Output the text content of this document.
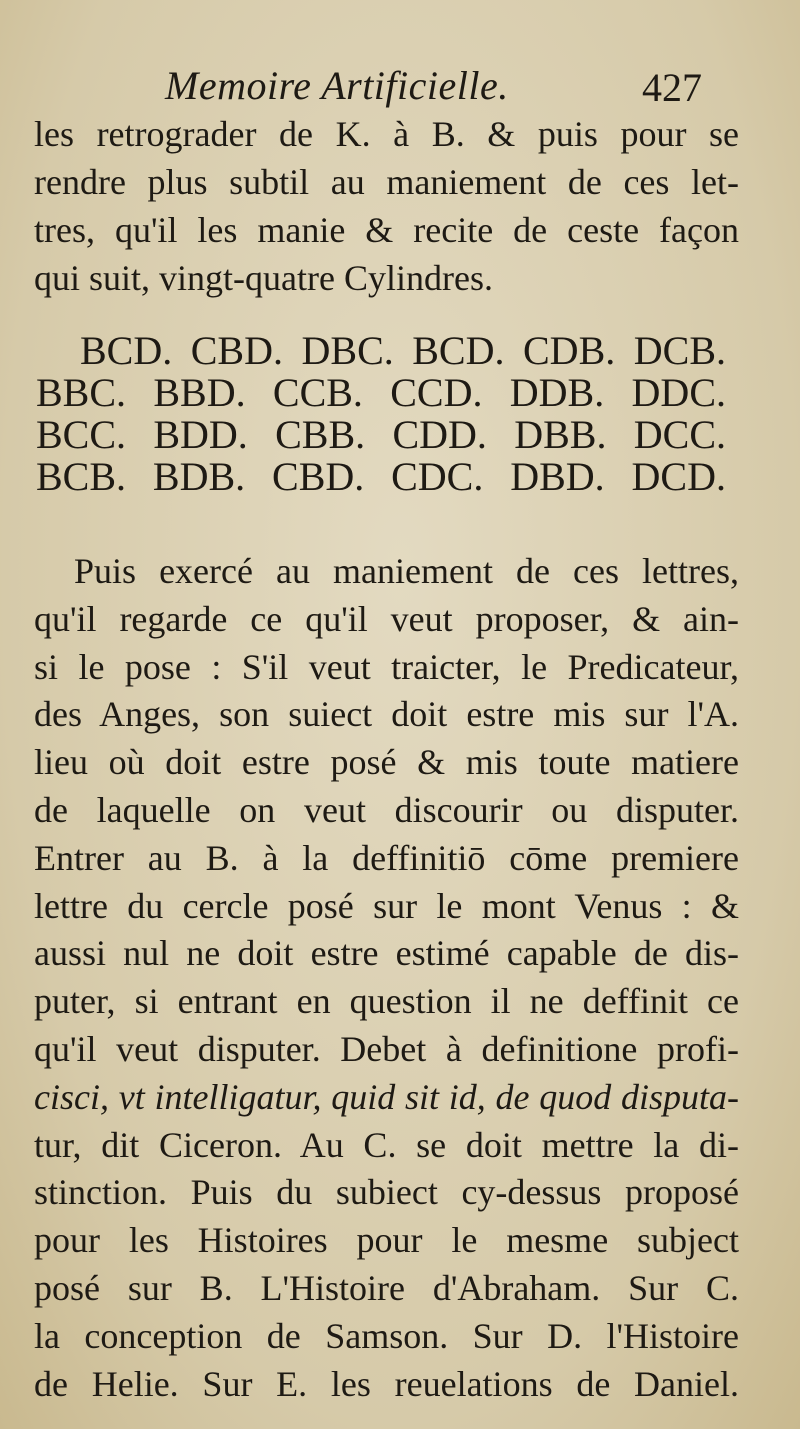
Memoire Artificielle.	427
les retrograder de K. à B. & puis pour se
rendre plus subtil au maniement de ces let-
tres, qu'il les manie & recite de ceste façon
qui suit, vingt-quatre Cylindres.
BCD. CBD. DBC. BCD. CDB. DCB.
BBC. BBD. CCB. CCD. DDB. DDC.
BCC. BDD. CBB. CDD. DBB. DCC.
BCB. BDB. CBD. CDC. DBD. DCD.
Puis exercé au maniement de ces lettres,
qu'il regarde ce qu'il veut proposer, & ain-
si le pose : S'il veut traicter, le Predicateur,
des Anges, son suiect doit estre mis sur l'A.
lieu où doit estre posé & mis toute matiere
de laquelle on veut discourir ou disputer.
Entrer au B. à la deffinitiō cōme premiere
lettre du cercle posé sur le mont Venus : &
aussi nul ne doit estre estimé capable de dis-
puter, si entrant en question il ne deffinit ce
qu'il veut disputer. Debet à definitione profi-
cisci, vt intelligatur, quid sit id, de quod disputa-
tur, dit Ciceron. Au C. se doit mettre la di-
stinction. Puis du subiect cy-dessus proposé
pour les Histoires pour le mesme subject
posé sur B. L'Histoire d'Abraham. Sur C.
la conception de Samson. Sur D. l'Histoire
de Helie. Sur E. les reuelations de Daniel.
